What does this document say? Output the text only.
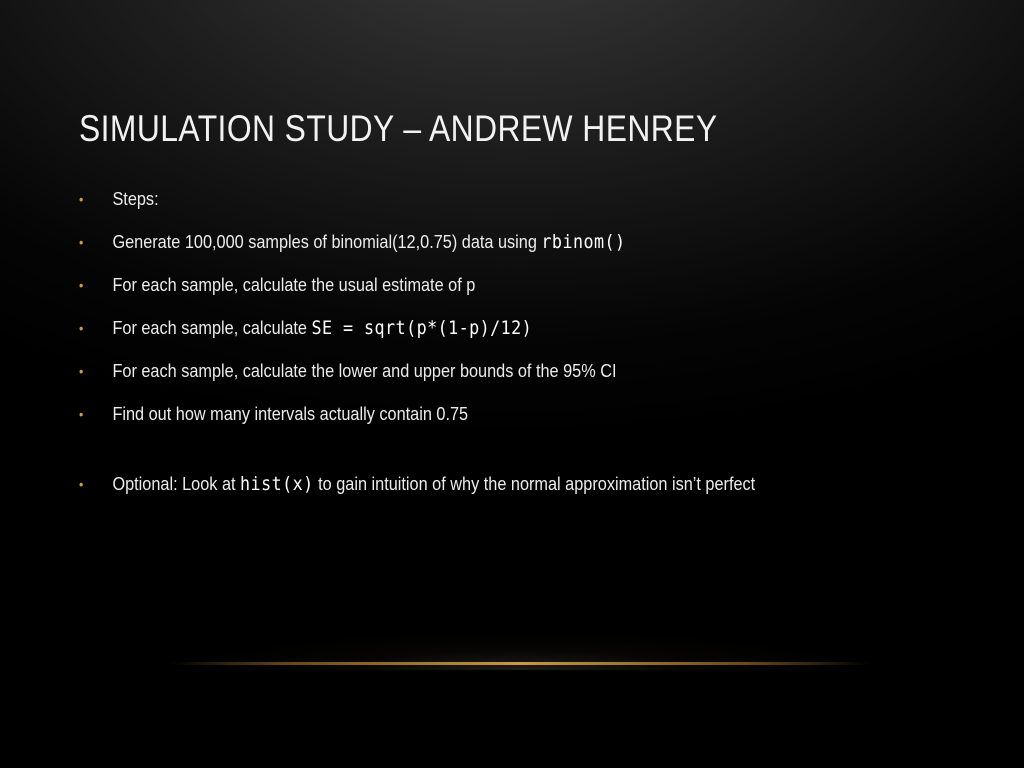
SIMULATION STUDY – ANDREW HENREY
• Steps:
• Generate 100,000 samples of binomial(12,0.75) data using rbinom()
• For each sample, calculate the usual estimate of p
• For each sample, calculate SE = sqrt(p*(1-p)/12)
• For each sample, calculate the lower and upper bounds of the 95% CI
• Find out how many intervals actually contain 0.75
• Optional: Look at hist(x) to gain intuition of why the normal approximation isn’t perfect
